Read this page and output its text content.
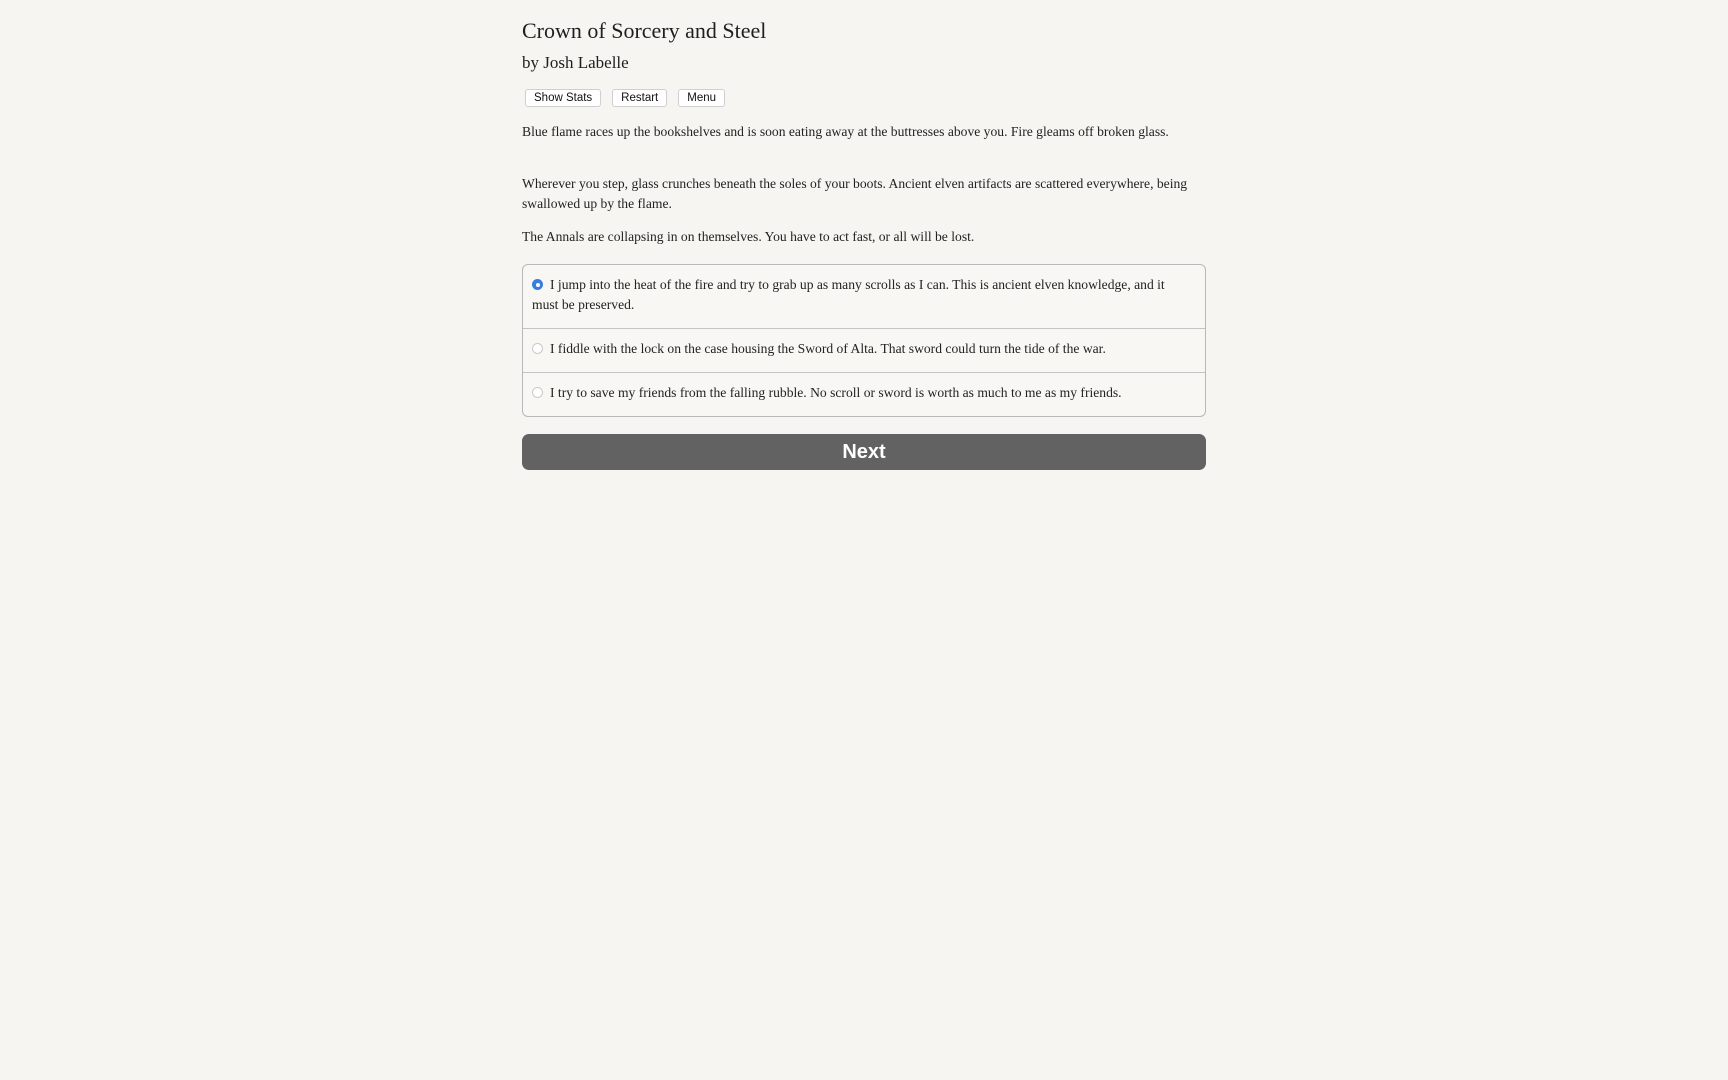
Crown of Sorcery and Steel
by Josh Labelle
Show Stats	Restart	Menu

Blue flame races up the bookshelves and is soon eating away at the buttresses above you. Fire gleams off broken glass.

Wherever you step, glass crunches beneath the soles of your boots. Ancient elven artifacts are scattered everywhere, being swallowed up by the flame.

The Annals are collapsing in on themselves. You have to act fast, or all will be lost.

I jump into the heat of the fire and try to grab up as many scrolls as I can. This is ancient elven knowledge, and it must be preserved.
I fiddle with the lock on the case housing the Sword of Alta. That sword could turn the tide of the war.
I try to save my friends from the falling rubble. No scroll or sword is worth as much to me as my friends.
Next
